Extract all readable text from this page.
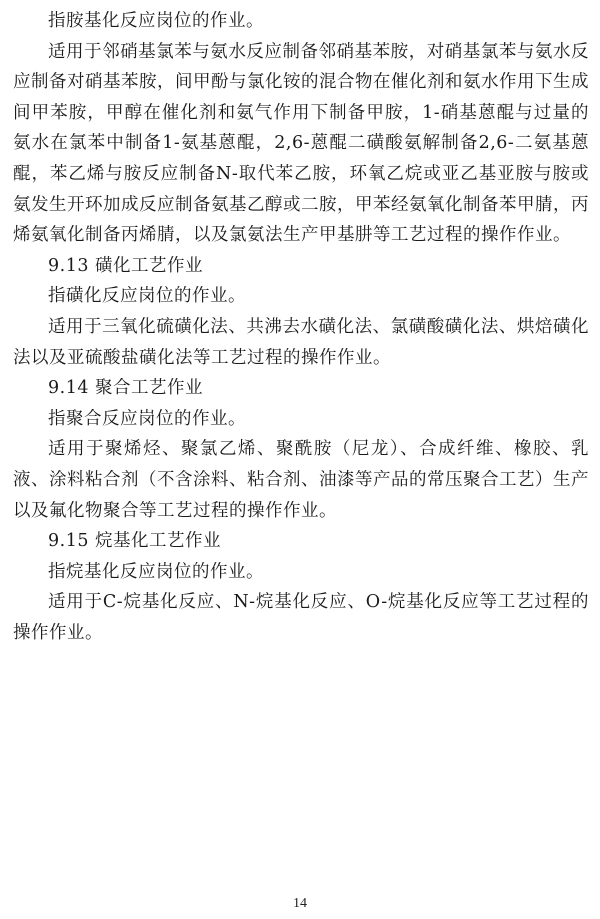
指胺基化反应岗位的作业。

适用于邻硝基氯苯与氨水反应制备邻硝基苯胺，对硝基氯苯与氨水反应制备对硝基苯胺，间甲酚与氯化铵的混合物在催化剂和氨水作用下生成间甲苯胺，甲醇在催化剂和氨气作用下制备甲胺，1-硝基蒽醌与过量的氨水在氯苯中制备1-氨基蒽醌，2,6-蒽醌二磺酸氨解制备2,6-二氨基蒽醌，苯乙烯与胺反应制备N-取代苯乙胺，环氧乙烷或亚乙基亚胺与胺或氨发生开环加成反应制备氨基乙醇或二胺，甲苯经氨氧化制备苯甲腈，丙烯氨氧化制备丙烯腈，以及氯氨法生产甲基肼等工艺过程的操作作业。

9.13 磺化工艺作业

指磺化反应岗位的作业。

适用于三氧化硫磺化法、共沸去水磺化法、氯磺酸磺化法、烘焙磺化法以及亚硫酸盐磺化法等工艺过程的操作作业。

9.14 聚合工艺作业

指聚合反应岗位的作业。

适用于聚烯烃、聚氯乙烯、聚酰胺（尼龙）、合成纤维、橡胶、乳液、涂料粘合剂（不含涂料、粘合剂、油漆等产品的常压聚合工艺）生产以及氟化物聚合等工艺过程的操作作业。

9.15 烷基化工艺作业

指烷基化反应岗位的作业。

适用于C-烷基化反应、N-烷基化反应、O-烷基化反应等工艺过程的操作作业。

14
